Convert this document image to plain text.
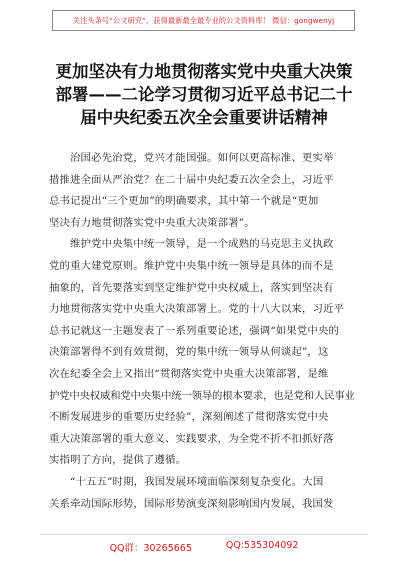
关注头条号“公文研究”，获得最新最全最专业的公文资料库！ 微信：gongwenyj
更加坚决有力地贯彻落实党中央重大决策
部署——二论学习贯彻习近平总书记二十
届中央纪委五次全会重要讲话精神

治国必先治党，党兴才能国强。如何以更高标准、更实举

措推进全面从严治党？在二十届中央纪委五次全会上，习近平

总书记提出“三个更加”的明确要求，其中第一个就是“更加

坚决有力地贯彻落实党中央重大决策部署”。

维护党中央集中统一领导，是一个成熟的马克思主义执政

党的重大建党原则。维护党中央集中统一领导是具体的而不是

抽象的，首先要落实到坚定维护党中央权威上，落实到坚决有

力地贯彻落实党中央重大决策部署上。党的十八大以来，习近平

总书记就这一主题发表了一系列重要论述，强调“如果党中央的

决策部署得不到有效贯彻，党的集中统一领导从何谈起”，这

次在纪委全会上又指出“贯彻落实党中央重大决策部署，是维

护党中央权威和党中央集中统一领导的根本要求，也是党和人民事业

不断发展进步的重要历史经验”，深刻阐述了贯彻落实党中央

重大决策部署的重大意义、实践要求，为全党不折不扣抓好落

实指明了方向，提供了遵循。

“十五五”时期，我国发展环境面临深刻复杂变化。大国

关系牵动国际形势，国际形势演变深刻影响国内发展，我国发

QQ群：30265665	QQ:535304092
